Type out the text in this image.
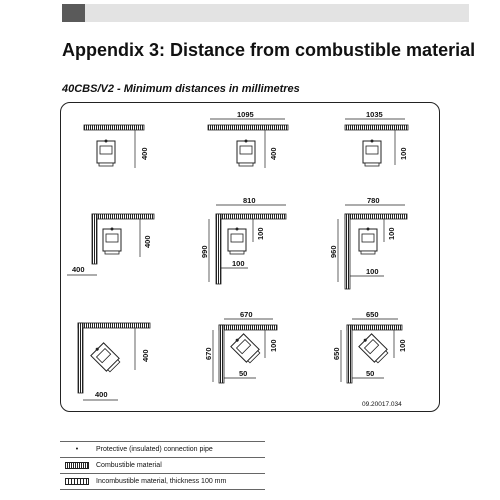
Appendix 3: Distance from combustible material
40CBS/V2 - Minimum distances in millimetres
400
1095
400
1035
100
400
400
810
100
990
100
780
100
960
100
400
400
670
100
670
50
650
100
650
50
09.20017.034
•	Protective (insulated) connection pipe
	Combustible material
	Incombustible material, thickness 100 mm
